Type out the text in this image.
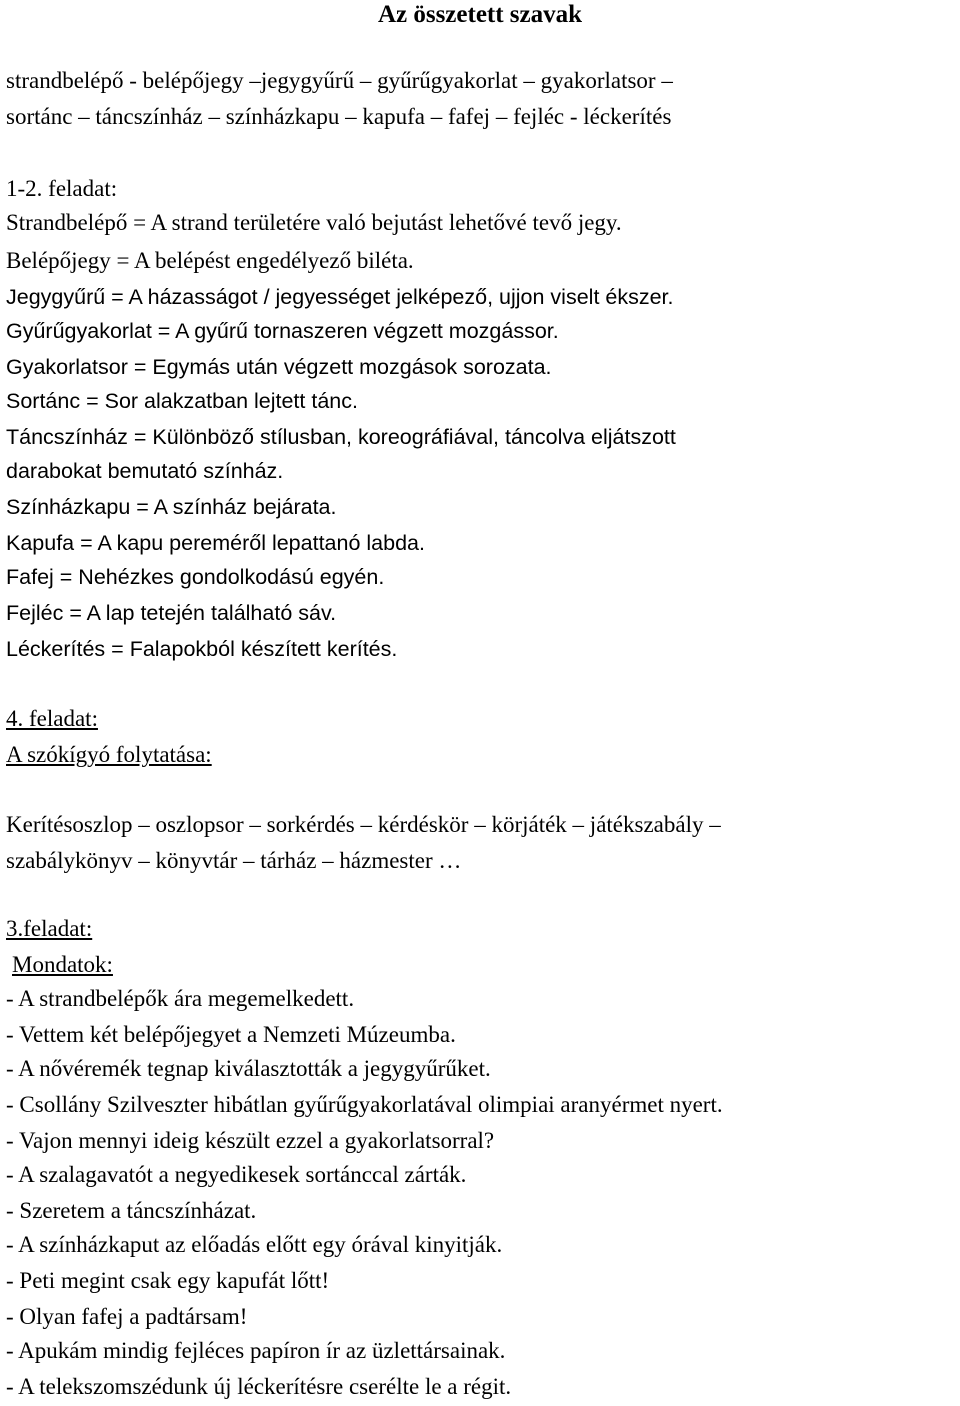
Az összetett szavak
strandbelépő - belépőjegy –jegygyűrű – gyűrűgyakorlat – gyakorlatsor –
sortánc – táncszínház – színházkapu – kapufa – fafej – fejléc - léckerítés
1-2. feladat:
Strandbelépő = A strand területére való bejutást lehetővé tevő jegy.
Belépőjegy = A belépést engedélyező biléta.
Jegygyűrű = A házasságot / jegyességet jelképező, ujjon viselt ékszer.
Gyűrűgyakorlat = A gyűrű tornaszeren végzett mozgássor.
Gyakorlatsor = Egymás után végzett mozgások sorozata.
Sortánc = Sor alakzatban lejtett tánc.
Táncszínház = Különböző stílusban, koreográfiával, táncolva eljátszott
darabokat bemutató színház.
Színházkapu = A színház bejárata.
Kapufa = A kapu pereméről lepattanó labda.
Fafej = Nehézkes gondolkodású egyén.
Fejléc = A lap tetején található sáv.
Léckerítés = Falapokból készített kerítés.
4. feladat:
A szókígyó folytatása:
Kerítésoszlop – oszlopsor – sorkérdés – kérdéskör – körjáték – játékszabály –
szabálykönyv – könyvtár – tárház – házmester …
3.feladat:
Mondatok:
- A strandbelépők ára megemelkedett.
- Vettem két belépőjegyet a Nemzeti Múzeumba.
- A nővéremék tegnap kiválasztották a jegygyűrűket.
- Csollány Szilveszter hibátlan gyűrűgyakorlatával olimpiai aranyérmet nyert.
- Vajon mennyi ideig készült ezzel a gyakorlatsorral?
- A szalagavatót a negyedikesek sortánccal zárták.
- Szeretem a táncszínházat.
- A színházkaput az előadás előtt egy órával kinyitják.
- Peti megint csak egy kapufát lőtt!
- Olyan fafej a padtársam!
- Apukám mindig fejléces papíron ír az üzlettársainak.
- A telekszomszédunk új léckerítésre cserélte le a régit.
